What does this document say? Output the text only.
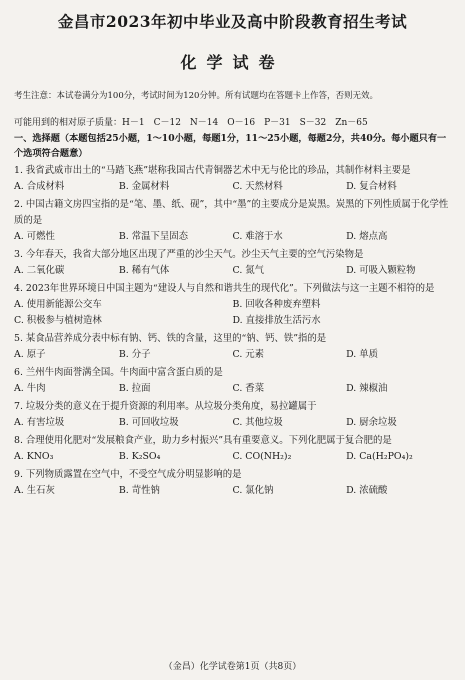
金昌市2023年初中毕业及高中阶段教育招生考试
化学试卷
考生注意：本试卷满分为100分，考试时间为120分钟。所有试题均在答题卡上作答，否则无效。
可能用到的相对原子质量：H－1　C－12　N－14　O－16　P－31　S－32　Zn－65
一、选择题（本题包括25小题，1～10小题，每题1分，11～25小题，每题2分，共40分。每小题只有一个选项符合题意）
1. 我省武威市出土的“马踏飞燕”堪称我国古代青铜器艺术中无与伦比的珍品，其制作材料主要是
A. 合成材料	B. 金属材料	C. 天然材料	D. 复合材料
2. 中国古籍文房四宝指的是“笔、墨、纸、砚”，其中“墨”的主要成分是炭黑。炭黑的下列性质属于化学性质的是
A. 可燃性	B. 常温下呈固态	C. 难溶于水	D. 熔点高
3. 今年春天，我省大部分地区出现了严重的沙尘天气。沙尘天气主要的空气污染物是
A. 二氧化碳	B. 稀有气体	C. 氮气	D. 可吸入颗粒物
4. 2023年世界环境日中国主题为“建设人与自然和谐共生的现代化”。下列做法与这一主题不相符的是
A. 使用新能源公交车	B. 回收各种废弃塑料
C. 积极参与植树造林	D. 直接排放生活污水
5. 某食品营养成分表中标有钠、钙、铁的含量，这里的“钠、钙、铁”指的是
A. 原子	B. 分子	C. 元素	D. 单质
6. 兰州牛肉面誉满全国。牛肉面中富含蛋白质的是
A. 牛肉	B. 拉面	C. 香菜	D. 辣椒油
7. 垃圾分类的意义在于提升资源的利用率。从垃圾分类角度，易拉罐属于
A. 有害垃圾	B. 可回收垃圾	C. 其他垃圾	D. 厨余垃圾
8. 合理使用化肥对“发展粮食产业，助力乡村振兴”具有重要意义。下列化肥属于复合肥的是
A. KNO₃	B. K₂SO₄	C. CO(NH₂)₂	D. Ca(H₂PO₄)₂
9. 下列物质露置在空气中，不受空气成分明显影响的是
A. 生石灰	B. 苛性钠	C. 氯化钠	D. 浓硫酸
（金昌）化学试卷第1页（共8页）
